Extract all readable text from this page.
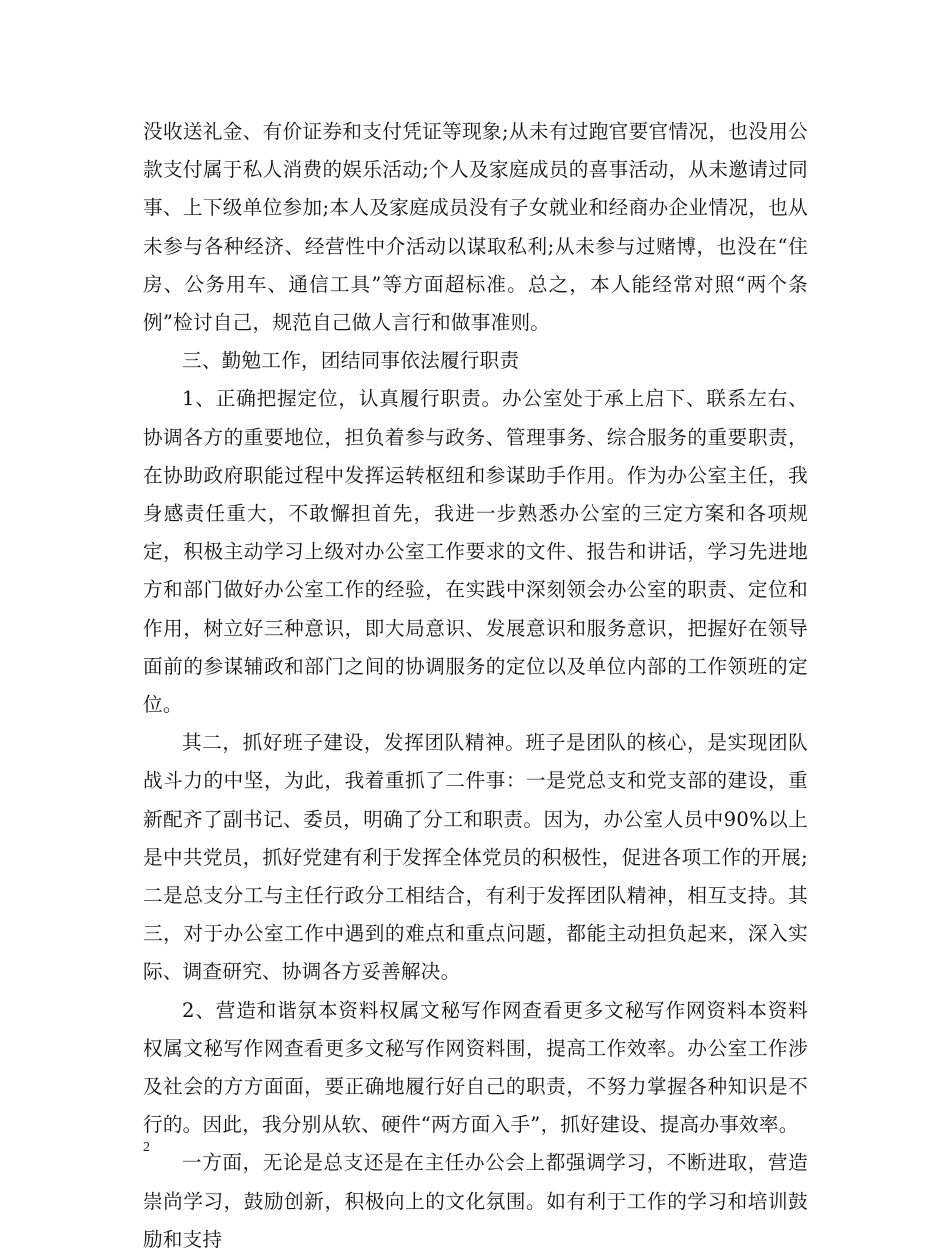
没收送礼金、有价证券和支付凭证等现象;从未有过跑官要官情况，也没用公款支付属于私人消费的娱乐活动;个人及家庭成员的喜事活动，从未邀请过同事、上下级单位参加;本人及家庭成员没有子女就业和经商办企业情况，也从未参与各种经济、经营性中介活动以谋取私利;从未参与过赌博，也没在“住房、公务用车、通信工具”等方面超标准。总之，本人能经常对照“两个条例”检讨自己，规范自己做人言行和做事准则。

三、勤勉工作，团结同事依法履行职责

1、正确把握定位，认真履行职责。办公室处于承上启下、联系左右、协调各方的重要地位，担负着参与政务、管理事务、综合服务的重要职责，在协助政府职能过程中发挥运转枢纽和参谋助手作用。作为办公室主任，我身感责任重大，不敢懈担首先，我进一步熟悉办公室的三定方案和各项规定，积极主动学习上级对办公室工作要求的文件、报告和讲话，学习先进地方和部门做好办公室工作的经验，在实践中深刻领会办公室的职责、定位和作用，树立好三种意识，即大局意识、发展意识和服务意识，把握好在领导面前的参谋辅政和部门之间的协调服务的定位以及单位内部的工作领班的定位。

其二，抓好班子建设，发挥团队精神。班子是团队的核心，是实现团队战斗力的中坚，为此，我着重抓了二件事：一是党总支和党支部的建设，重新配齐了副书记、委员，明确了分工和职责。因为，办公室人员中90%以上是中共党员，抓好党建有利于发挥全体党员的积极性，促进各项工作的开展;二是总支分工与主任行政分工相结合，有利于发挥团队精神，相互支持。其三，对于办公室工作中遇到的难点和重点问题，都能主动担负起来，深入实际、调查研究、协调各方妥善解决。

2、营造和谐氛本资料权属文秘写作网查看更多文秘写作网资料本资料权属文秘写作网查看更多文秘写作网资料围，提高工作效率。办公室工作涉及社会的方方面面，要正确地履行好自己的职责，不努力掌握各种知识是不行的。因此，我分别从软、硬件“两方面入手”，抓好建设、提高办事效率。

一方面，无论是总支还是在主任办公会上都强调学习，不断进取，营造崇尚学习，鼓励创新，积极向上的文化氛围。如有利于工作的学习和培训鼓励和支持

2
